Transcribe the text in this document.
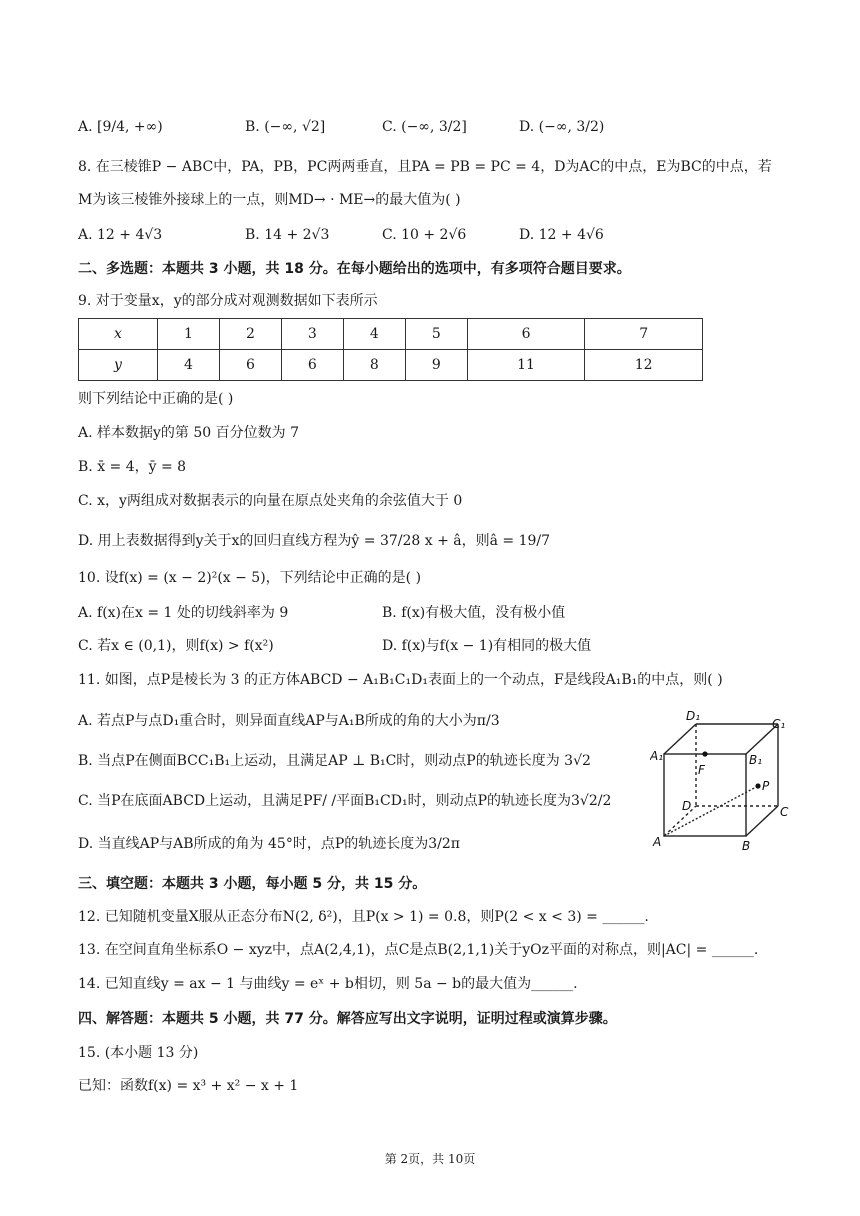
A. [9/4, +∞)	B. (−∞, √2]	C. (−∞, 3/2]	D. (−∞, 3/2)
8. 在三棱锥P − ABC中，PA，PB，PC两两垂直，且PA = PB = PC = 4，D为AC的中点，E为BC的中点，若
M为该三棱锥外接球上的一点，则MD→ · ME→的最大值为( )
A. 12 + 4√3	B. 14 + 2√3	C. 10 + 2√6	D. 12 + 4√6
二、多选题：本题共 3 小题，共 18 分。在每小题给出的选项中，有多项符合题目要求。
9. 对于变量x，y的部分成对观测数据如下表所示
x	1	2	3	4	5	6	7
y	4	6	6	8	9	11	12
则下列结论中正确的是( )
A. 样本数据y的第 50 百分位数为 7
B. x̄ = 4，ȳ = 8
C. x，y两组成对数据表示的向量在原点处夹角的余弦值大于 0
D. 用上表数据得到y关于x的回归直线方程为ŷ = 37/28 x + â，则â = 19/7
10. 设f(x) = (x − 2)²(x − 5)，下列结论中正确的是( )
A. f(x)在x = 1 处的切线斜率为 9	B. f(x)有极大值，没有极小值
C. 若x ∈ (0,1)，则f(x) > f(x²)	D. f(x)与f(x − 1)有相同的极大值
11. 如图，点P是棱长为 3 的正方体ABCD − A₁B₁C₁D₁表面上的一个动点，F是线段A₁B₁的中点，则( )
A. 若点P与点D₁重合时，则异面直线AP与A₁B所成的角的大小为π/3
B. 当点P在侧面BCC₁B₁上运动，且满足AP ⊥ B₁C时，则动点P的轨迹长度为 3√2
C. 当P在底面ABCD上运动，且满足PF/ /平面B₁CD₁时，则动点P的轨迹长度为3√2/2
D. 当直线AP与AB所成的角为 45°时，点P的轨迹长度为3/2π
D₁
C₁
A₁	B₁
F
P
D	C
A	B
三、填空题：本题共 3 小题，每小题 5 分，共 15 分。
12. 已知随机变量X服从正态分布N(2, δ²)，且P(x > 1) = 0.8，则P(2 < x < 3) = ______.
13. 在空间直角坐标系O − xyz中，点A(2,4,1)，点C是点B(2,1,1)关于yOz平面的对称点，则|AC| = ______.
14. 已知直线y = ax − 1 与曲线y = eˣ + b相切，则 5a − b的最大值为______.
四、解答题：本题共 5 小题，共 77 分。解答应写出文字说明，证明过程或演算步骤。
15. (本小题 13 分)
已知：函数f(x) = x³ + x² − x + 1
第 2页，共 10页
